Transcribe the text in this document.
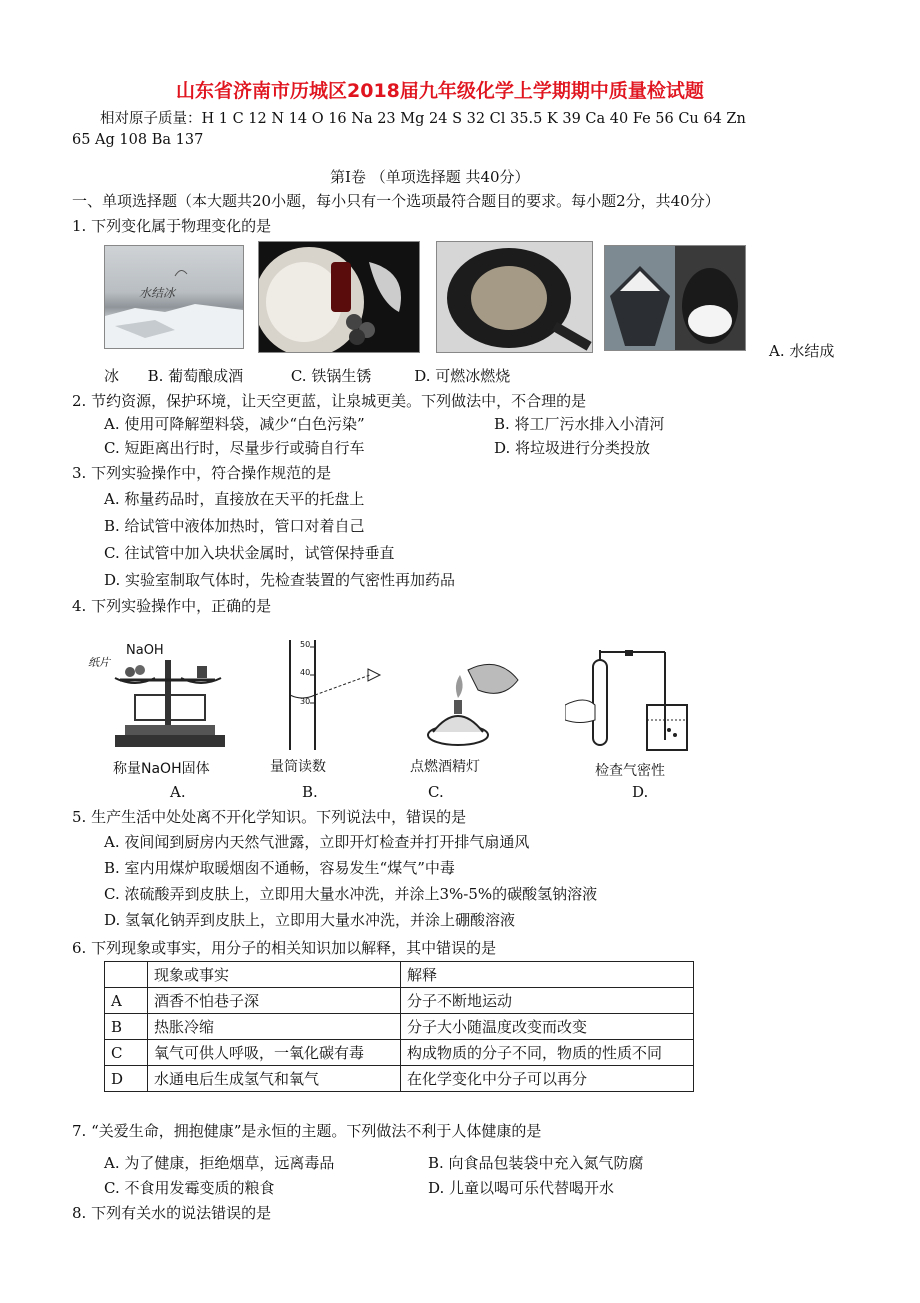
山东省济南市历城区2018届九年级化学上学期期中质量检试题
相对原子质量：H 1 C 12 N 14 O 16 Na 23 Mg 24 S 32 Cl 35.5 K 39 Ca 40 Fe 56 Cu 64 Zn
65 Ag 108 Ba 137
第Ⅰ卷 （单项选择题 共40分）
一、单项选择题（本大题共20小题，每小只有一个选项最符合题目的要求。每小题2分，共40分）
1. 下列变化属于物理变化的是
水结冰
A. 水结成
冰      B. 葡萄酿成酒          C. 铁锅生锈         D. 可燃冰燃烧
2. 节约资源，保护环境，让天空更蓝，让泉城更美。下列做法中，不合理的是
A. 使用可降解塑料袋，减少“白色污染”	B. 将工厂污水排入小清河
C. 短距离出行时，尽量步行或骑自行车	D. 将垃圾进行分类投放
3. 下列实验操作中，符合操作规范的是
A. 称量药品时，直接放在天平的托盘上
B. 给试管中液体加热时，管口对着自己
C. 往试管中加入块状金属时，试管保持垂直
D. 实验室制取气体时，先检查装置的气密性再加药品
4. 下列实验操作中，正确的是
NaOH
纸片
50
40
30
称量NaOH固体	量筒读数	点燃酒精灯	检查气密性
A.	B.	C.	D.
5. 生产生活中处处离不开化学知识。下列说法中，错误的是
A. 夜间闻到厨房内天然气泄露，立即开灯检查并打开排气扇通风
B. 室内用煤炉取暖烟囱不通畅，容易发生“煤气”中毒
C. 浓硫酸弄到皮肤上，立即用大量水冲洗，并涂上3%-5%的碳酸氢钠溶液
D. 氢氧化钠弄到皮肤上，立即用大量水冲洗，并涂上硼酸溶液
6. 下列现象或事实，用分子的相关知识加以解释，其中错误的是
	现象或事实	解释
A	酒香不怕巷子深	分子不断地运动
B	热胀冷缩	分子大小随温度改变而改变
C	氧气可供人呼吸，一氧化碳有毒	构成物质的分子不同，物质的性质不同
D	水通电后生成氢气和氧气	在化学变化中分子可以再分
7. “关爱生命，拥抱健康”是永恒的主题。下列做法不利于人体健康的是
A. 为了健康，拒绝烟草，远离毒品	B. 向食品包装袋中充入氮气防腐
C. 不食用发霉变质的粮食	D. 儿童以喝可乐代替喝开水
8. 下列有关水的说法错误的是
